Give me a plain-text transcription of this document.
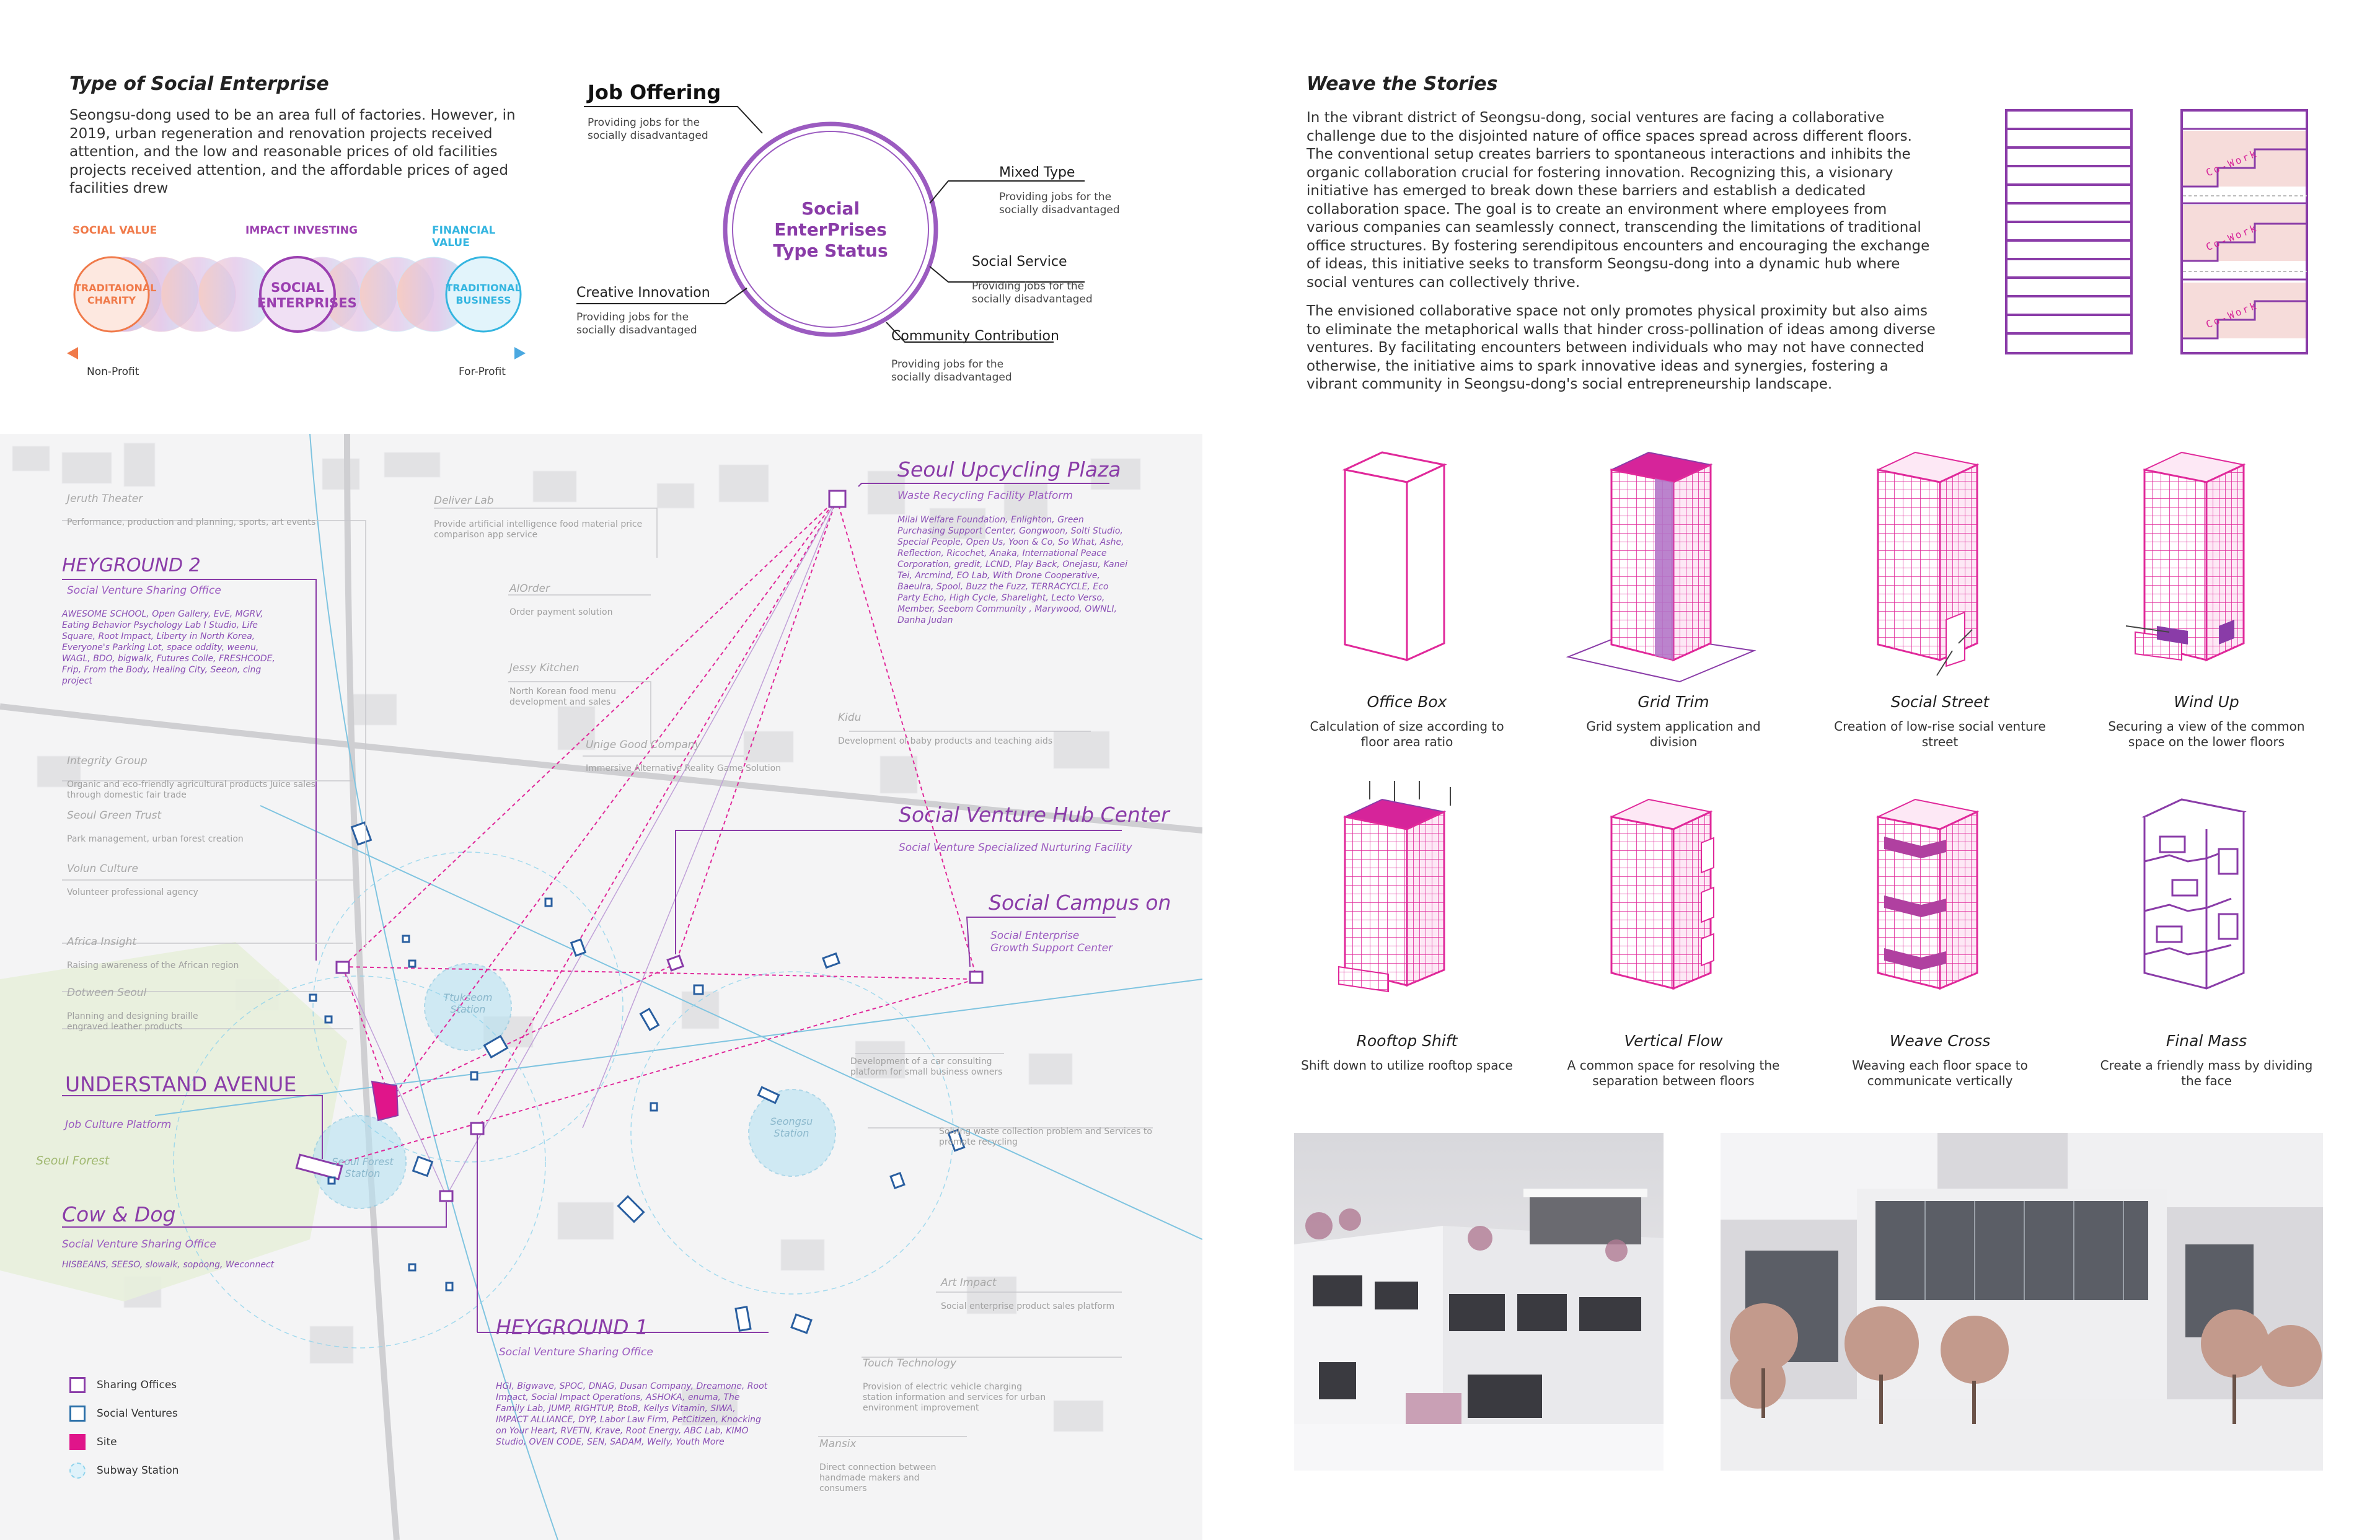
Type of Social Enterprise
Seongsu-dong used to be an area full of factories. However, in 2019, urban regeneration and renovation projects received attention, and the low and reasonable prices of old facilities projects received attention, and the affordable prices of aged facilities drew
SOCIAL VALUE	IMPACT INVESTING	FINANCIAL VALUE
TRADITAIONAL CHARITY
SOCIAL ENTERPRISES
TRADITIONAL BUSINESS
Non-Profit	For-Profit
Job Offering
Social EnterPrises Type Status
Providing jobs for the socially disadvantaged
Mixed Type
Providing jobs for the socially disadvantaged
Social Service
Providing jobs for the socially disadvantaged
Creative Innovation
Providing jobs for the socially disadvantaged	Community Contribution
Providing jobs for the socially disadvantaged
Weave the Stories
In the vibrant district of Seongsu-dong, social ventures are facing a collaborative challenge due to the disjointed nature of office spaces spread across different floors. The conventional setup creates barriers to spontaneous interactions and inhibits the organic collaboration crucial for fostering innovation. Recognizing this, a visionary initiative has emerged to break down these barriers and establish a dedicated collaboration space. The goal is to create an environment where employees from various companies can seamlessly connect, transcending the limitations of traditional office structures. By fostering serendipitous encounters and encouraging the exchange of ideas, this initiative seeks to transform Seongsu-dong into a dynamic hub where social ventures can collectively thrive.
The envisioned collaborative space not only promotes physical proximity but also aims to eliminate the metaphorical walls that hinder cross-pollination of ideas among diverse ventures. By facilitating encounters between individuals who may not have connected otherwise, the initiative aims to spark innovative ideas and synergies, fostering a vibrant community in Seongsu-dong's social entrepreneurship landscape.
Co-Work
Co-Work
Co-Work
Office Box
Calculation of size according to floor area ratio
Grid Trim
Grid system application and division
Social Street
Creation of low-rise social venture street
Wind Up
Securing a view of the common space on the lower floors
Rooftop Shift
Shift down to utilize rooftop space
Vertical Flow
A common space for resolving the separation between floors
Weave Cross
Weaving each floor space to communicate vertically
Final Mass
Create a friendly mass by dividing the face
Seoul Upcycling Plaza
Waste Recycling Facility Platform
Milal Welfare Foundation, Enlighton, Green Purchasing Support Center, Gongwoon, Solti Studio, Special People, Open Us, Yoon & Co, So What, Ashe, Reflection, Ricochet, Anaka, International Peace Corporation, gredit, LCND, Play Back, Onejasu, Kanei Tei, Arcmind, EO Lab, With Drone Cooperative, Baeulra, Spool, Buzz the Fuzz, TERRACYCLE, Eco Party Echo, High Cycle, Sharelight, Lecto Verso, Member, Seebom Community , Marywood, OWNLI, Danha Judan
HEYGROUND 2
Social Venture Sharing Office
AWESOME SCHOOL, Open Gallery, EvE, MGRV, Eating Behavior Psychology Lab I Studio, Life Square, Root Impact, Liberty in North Korea, Everyone's Parking Lot, space oddity, weenu, WAGL, BDO, bigwalk, Futures Colle, FRESHCODE, Frip, From the Body, Healing City, Seeon, cing project
Social Venture Hub Center
Social Venture Specialized Nurturing Facility
Social Campus on
Social Enterprise Growth Support Center
UNDERSTAND AVENUE
Job Culture Platform
Seoul Forest
Cow & Dog
Social Venture Sharing Office
HISBEANS, SEESO, slowalk, sopoong, Weconnect
HEYGROUND 1
Social Venture Sharing Office
HGI, Bigwave, SPOC, DNAG, Dusan Company, Dreamone, Root Impact, Social Impact Operations, ASHOKA, enuma, The Family Lab, JUMP, RIGHTUP, BtoB, Kellys Vitamin, SIWA, IMPACT ALLIANCE, DYP, Labor Law Firm, PetCitizen, Knocking on Your Heart, RVETN, Krave, Root Energy, ABC Lab, KIMO Studio, OVEN CODE, SEN, SADAM, Welly, Youth More
Jeruth Theater
Performance, production and planning, sports, art events
Deliver Lab
Provide artificial intelligence food material price comparison app service
AlOrder
Order payment solution
Jessy Kitchen
North Korean food menu development and sales
Kidu
Development of baby products and teaching aids
Unige Good Company
Immersive Alternative Reality Game Solution
Integrity Group
Organic and eco-friendly agricultural products Juice sales through domestic fair trade
Seoul Green Trust
Park management, urban forest creation
Volun Culture
Volunteer professional agency
Africa Insight
Raising awareness of the African region
Dotween Seoul
Planning and designing braille engraved leather products
Development of a car consulting platform for small business owners
Solving waste collection problem and Services to promote recycling
Art Impact
Social enterprise product sales platform
Touch Technology
Provision of electric vehicle charging station information and services for urban environment improvement
Mansix
Direct connection between handmade makers and consumers
Ttukseom Station
Seongsu Station
Seoul Forest Station
Sharing Offices
Social Ventures
Site
Subway Station
